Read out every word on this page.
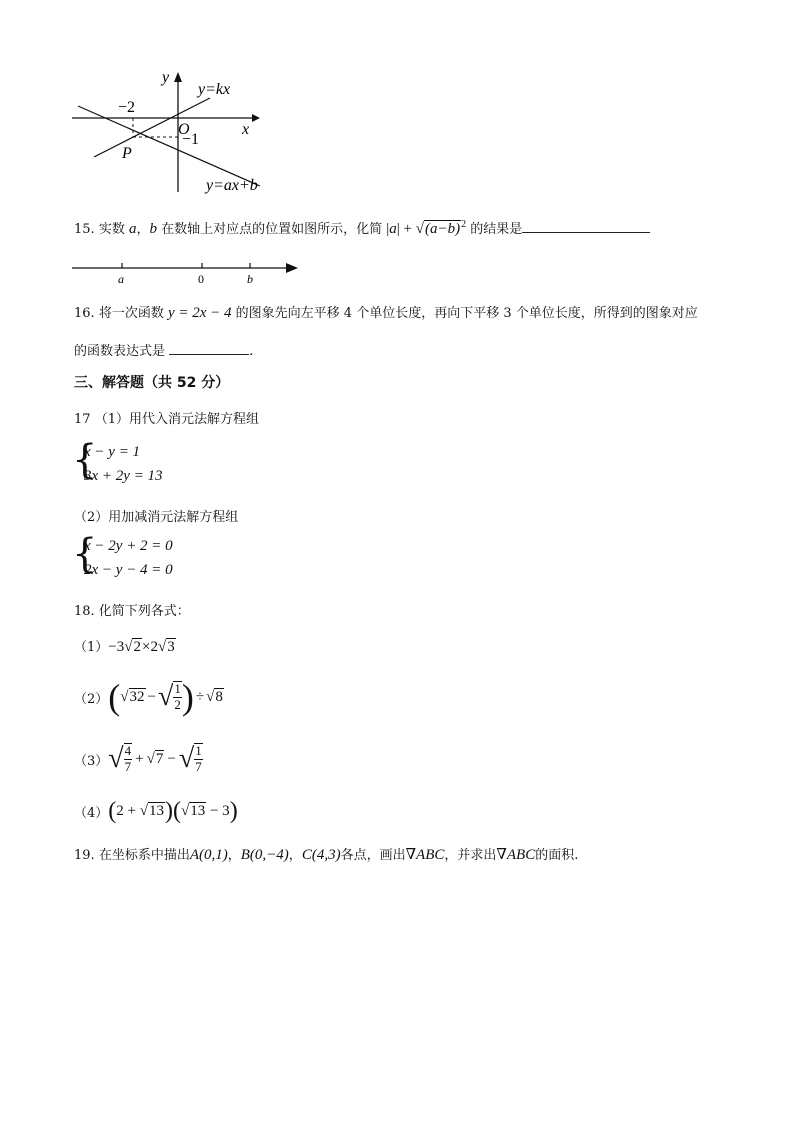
y
x
O
y=kx
y=ax+b
−2
−1
P
15. 实数 a，b 在数轴上对应点的位置如图所示，化简 $|a| + √(a-b)^2$ 的结果是
a	0	b
16. 将一次函数 y = 2x − 4 的图象先向左平移 4 个单位长度，再向下平移 3 个单位长度，所得到的图象对应
的函数表达式是	.
三、解答题（共 52 分）
17 （1）用代入消元法解方程组
{
x − y = 1
3x + 2y = 13
（2）用加减消元法解方程组
{
x − 2y + 2 = 0
2x − y − 4 = 0
18. 化简下列各式：
（1）−3√2×2√3
（2） ( √ 32 − √ $\frac{1}{2}$ ) ÷ √ 8
（3） √ $\frac{4}{7}$ + √ 7 − √ $\frac{1}{7}$
（4） ( 2 + √ 13 ) ( √ 13 − 3 )
19. 在坐标系中描出A(0,1)，B(0,−4)，C(4,3)各点，画出∇ABC，并求出∇ABC的面积.
